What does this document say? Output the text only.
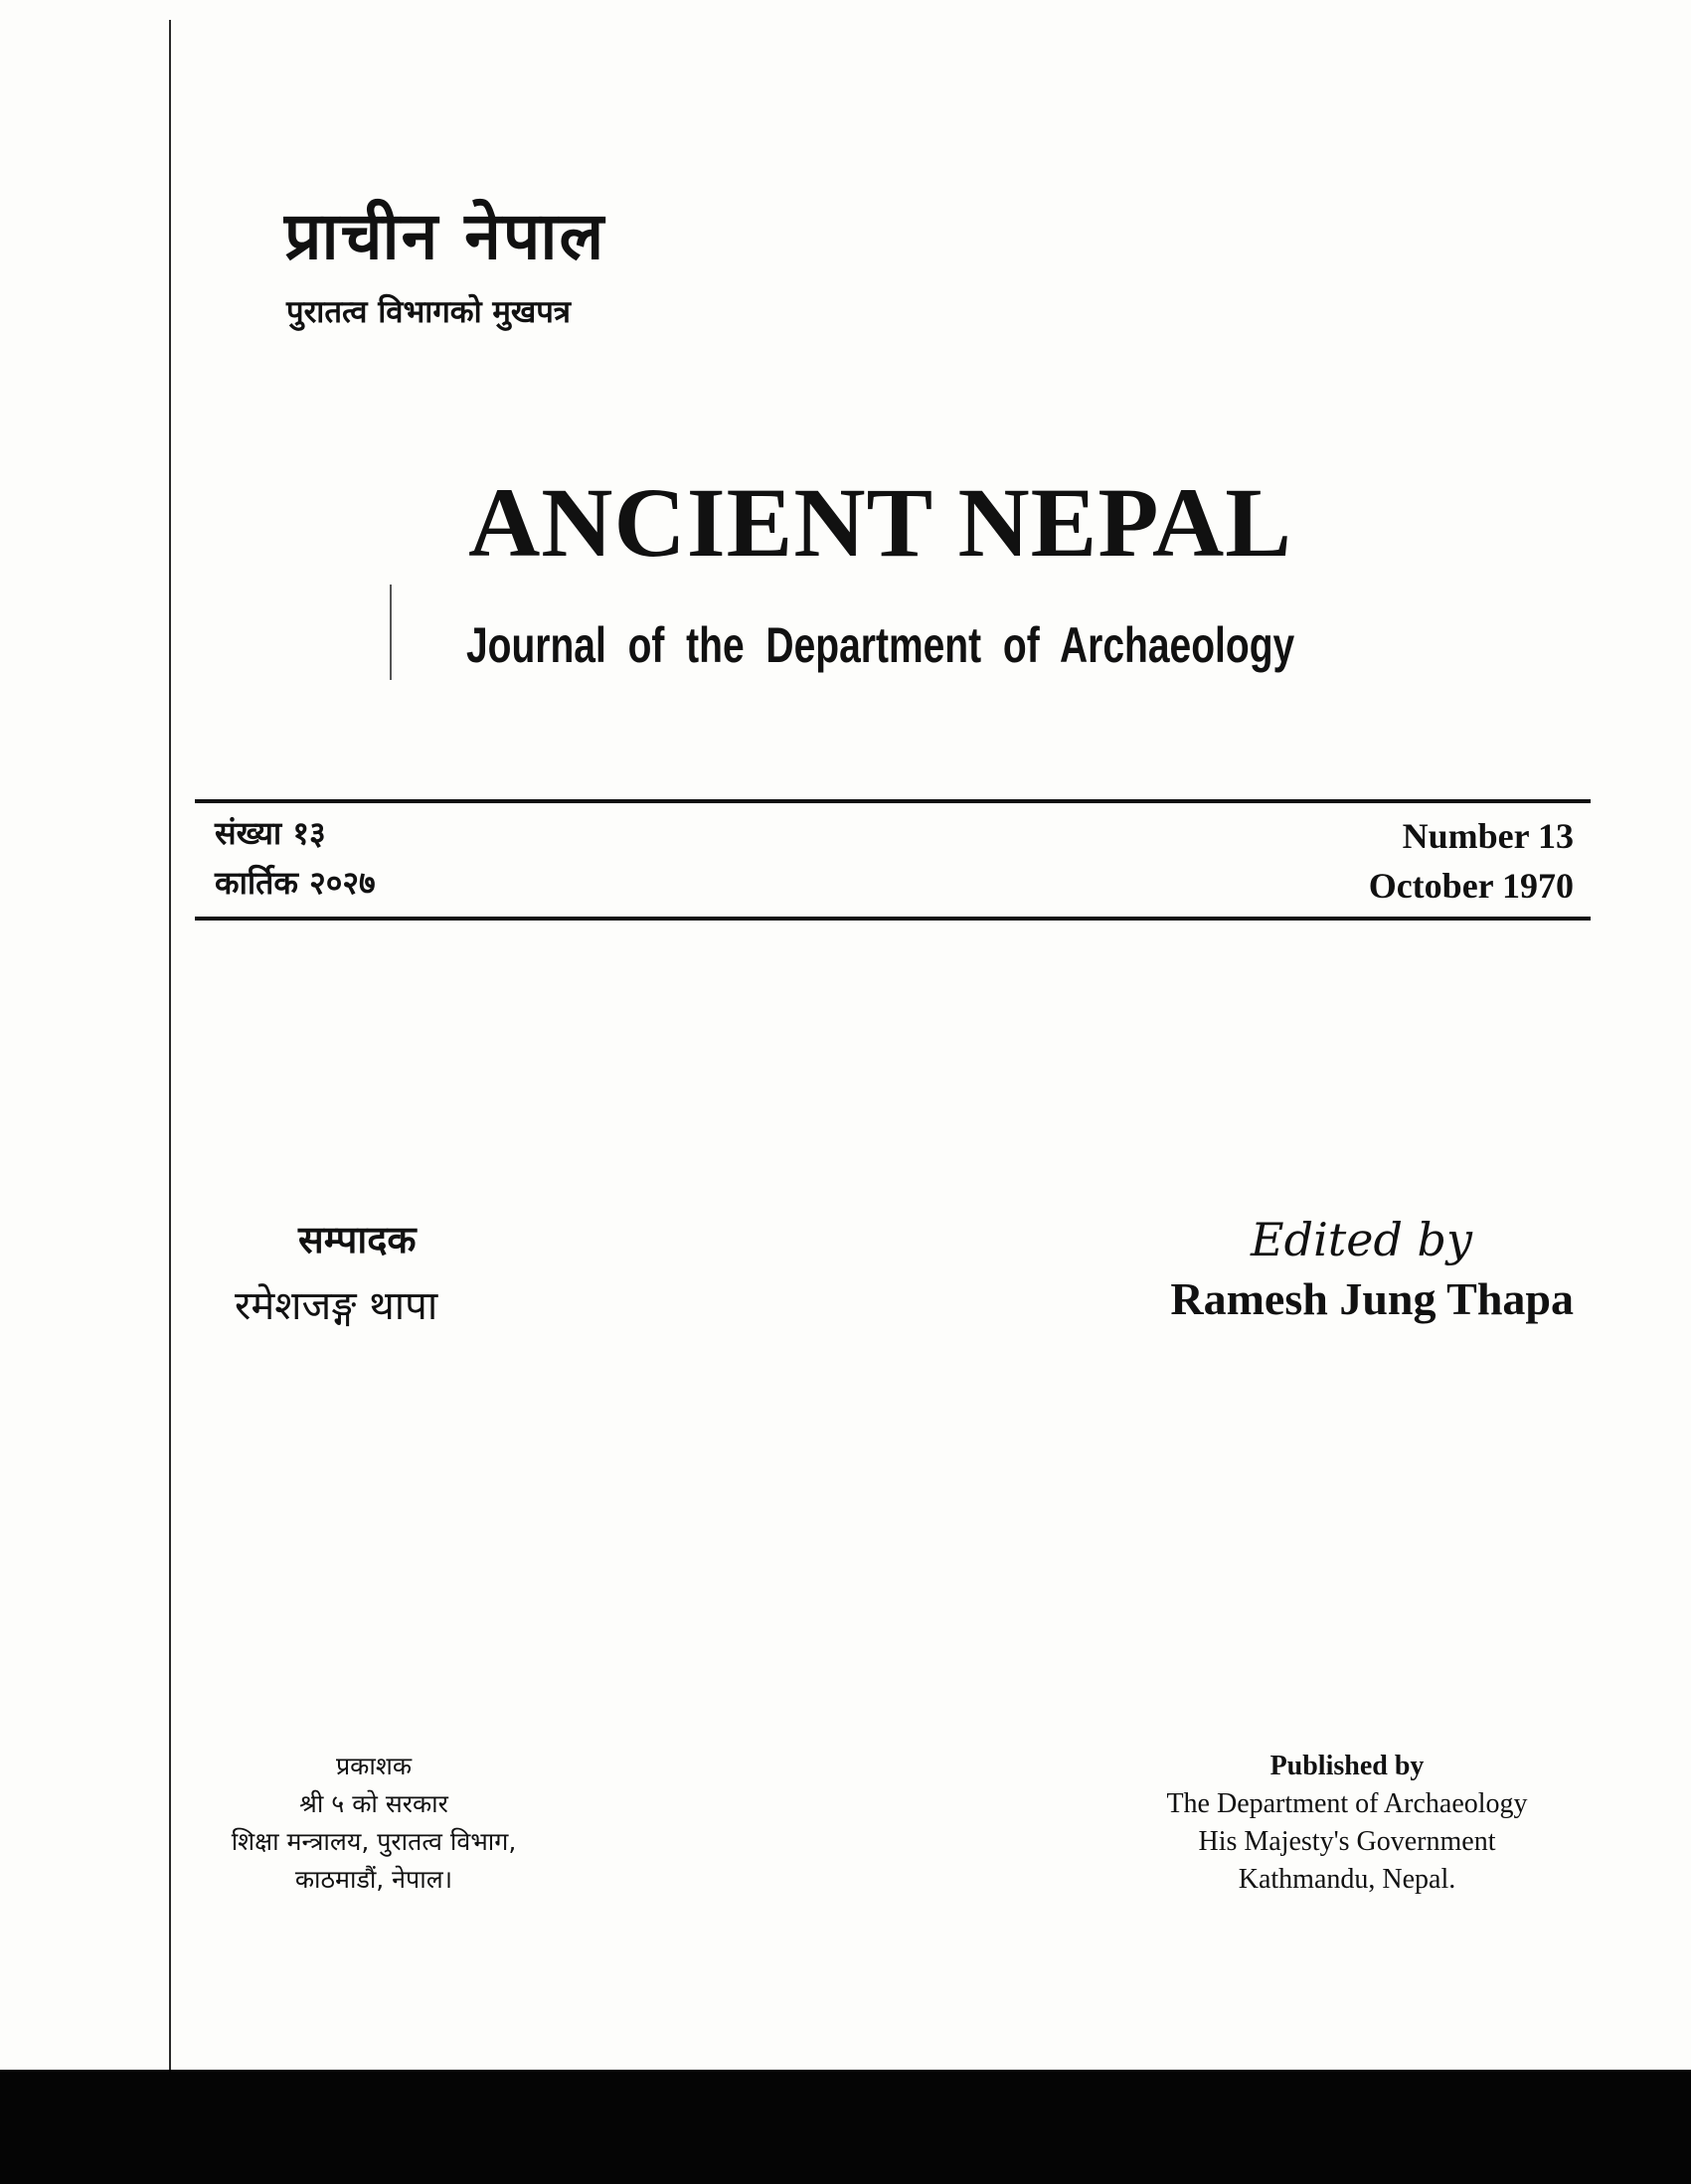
प्राचीन नेपाल
पुरातत्व विभागको मुखपत्र
ANCIENT NEPAL
Journal of the Department of Archaeology
संख्या १३
कार्तिक २०२७
Number 13
October 1970
सम्पादक
रमेशजङ्ग थापा
Edited by
Ramesh Jung Thapa
प्रकाशक
श्री ५ को सरकार
शिक्षा मन्त्रालय, पुरातत्व विभाग,
काठमाडौं, नेपाल।
Published by
The Department of Archaeology
His Majesty's Government
Kathmandu, Nepal.
